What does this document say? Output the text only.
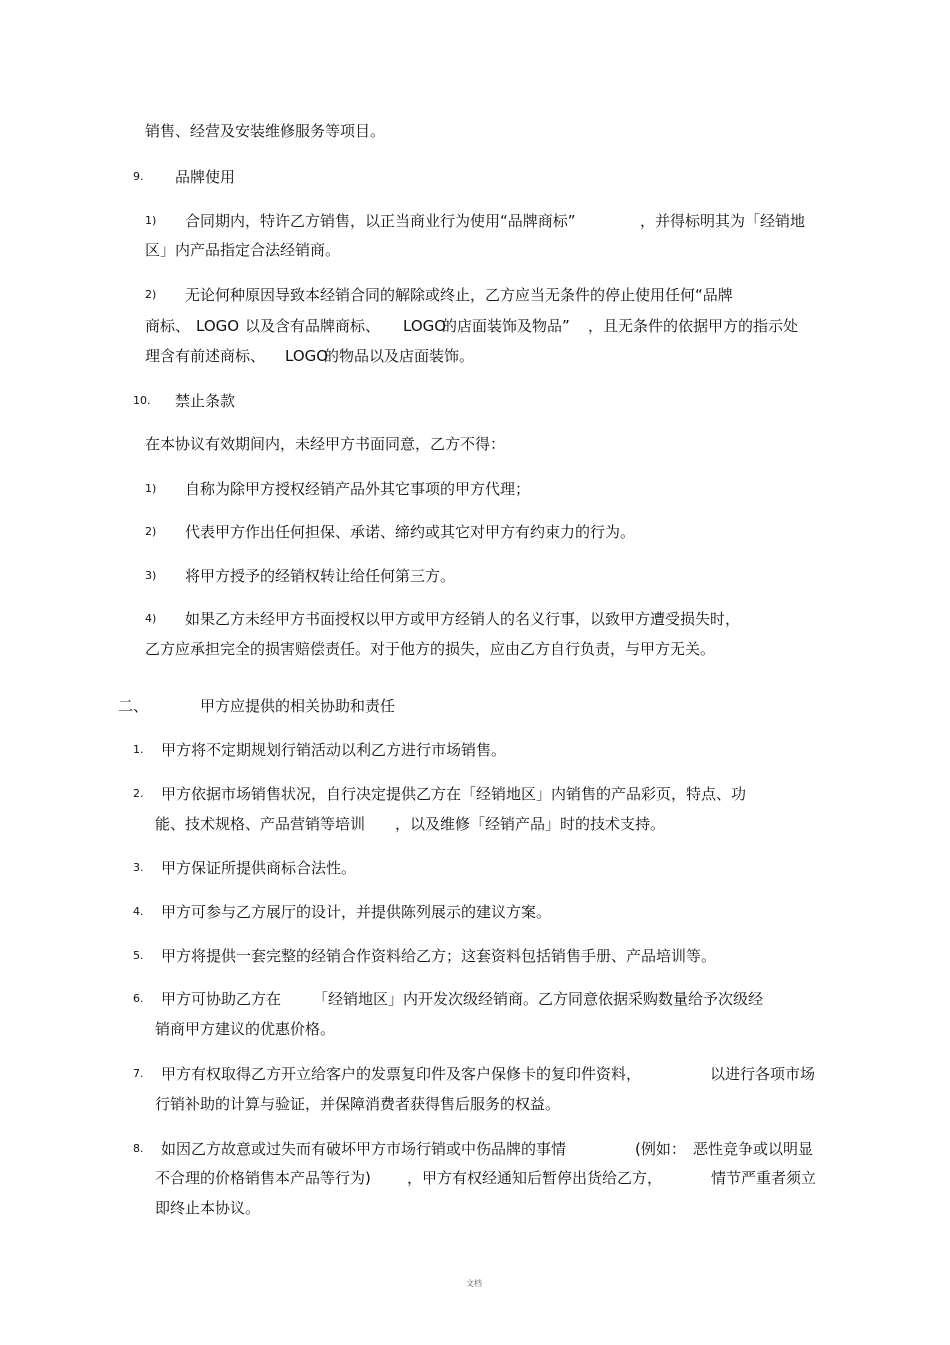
销售、经营及安装维修服务等项目。
9. 品牌使用
1) 合同期内，特许乙方销售，以正当商业行为使用“品牌商标”	，并得标明其为「经销地
区」内产品指定合法经销商。
2) 无论何种原因导致本经销合同的解除或终止，乙方应当无条件的停止使用任何“品牌
商标、 LOGO 以及含有品牌商标、 LOGO
的店面装饰及物品” ，且无条件的依据甲方的指示处
理含有前述商标、 LOGO
的物品以及店面装饰。
10. 禁止条款
在本协议有效期间内，未经甲方书面同意，乙方不得：
1) 自称为除甲方授权经销产品外其它事项的甲方代理；
2) 代表甲方作出任何担保、承诺、缔约或其它对甲方有约束力的行为。
3) 将甲方授予的经销权转让给任何第三方。
4) 如果乙方未经甲方书面授权以甲方或甲方经销人的名义行事，以致甲方遭受损失时，
乙方应承担完全的损害赔偿责任。对于他方的损失，应由乙方自行负责，与甲方无关。
二、	甲方应提供的相关协助和责任
1. 甲方将不定期规划行销活动以利乙方进行市场销售。
2. 甲方依据市场销售状况，自行决定提供乙方在「经销地区」内销售的产品彩页，特点、功
能、技术规格、产品营销等培训 ，以及维修「经销产品」时的技术支持。
3. 甲方保证所提供商标合法性。
4. 甲方可参与乙方展厅的设计，并提供陈列展示的建议方案。
5. 甲方将提供一套完整的经销合作资料给乙方；这套资料包括销售手册、产品培训等。
6. 甲方可协助乙方在 「经销地区」内开发次级经销商。乙方同意依据采购数量给予次级经
销商甲方建议的优惠价格。
7. 甲方有权取得乙方开立给客户的发票复印件及客户保修卡的复印件资料，	以进行各项市场
行销补助的计算与验证，并保障消费者获得售后服务的权益。
8. 如因乙方故意或过失而有破坏甲方市场行销或中伤品牌的事情	(例如： 恶性竞争或以明显
不合理的价格销售本产品等行为) ，甲方有权经通知后暂停出货给乙方，	情节严重者须立
即终止本协议。
文档
